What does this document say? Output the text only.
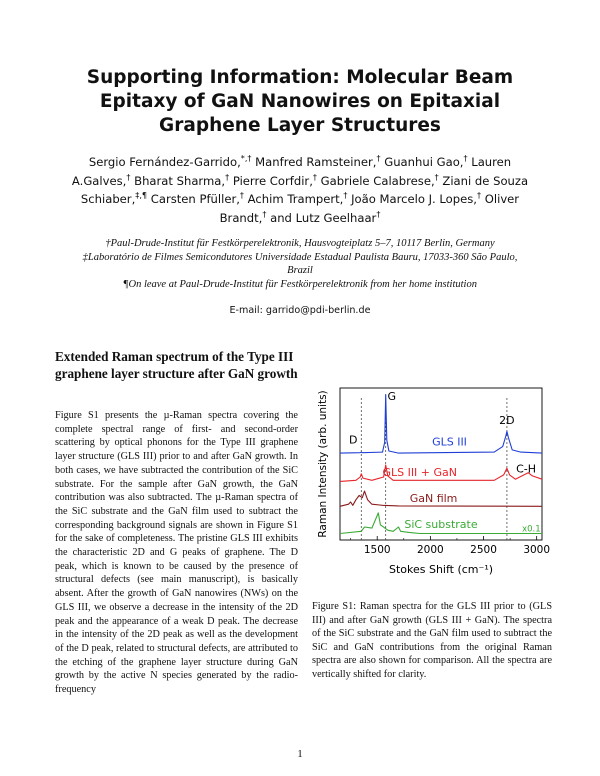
Supporting Information: Molecular Beam Epitaxy of GaN Nanowires on Epitaxial Graphene Layer Structures
Sergio Fernández-Garrido,*,† Manfred Ramsteiner,† Guanhui Gao,† Lauren A.Galves,† Bharat Sharma,† Pierre Corfdir,† Gabriele Calabrese,† Ziani de Souza Schiaber,‡,¶ Carsten Pfüller,† Achim Trampert,† João Marcelo J. Lopes,† Oliver Brandt,† and Lutz Geelhaar†
†Paul-Drude-Institut für Festkörperelektronik, Hausvogteiplatz 5–7, 10117 Berlin, Germany
‡Laboratório de Filmes Semicondutores Universidade Estadual Paulista Bauru, 17033-360 São Paulo, Brazil
¶On leave at Paul-Drude-Institut für Festkörperelektronik from her home institution
E-mail: garrido@pdi-berlin.de
Extended Raman spectrum of the Type III graphene layer structure after GaN growth

Figure S1 presents the µ-Raman spectra covering the complete spectral range of first- and second-order scattering by optical phonons for the Type III graphene layer structure (GLS III) prior to and after GaN growth. In both cases, we have subtracted the contribution of the SiC substrate. For the sample after GaN growth, the GaN contribution was also subtracted. The µ-Raman spectra of the SiC substrate and the GaN film used to subtract the corresponding background signals are shown in Figure S1 for the sake of completeness. The pristine GLS III exhibits the characteristic 2D and G peaks of graphene. The D peak, which is known to be caused by the presence of structural defects (see main manuscript), is basically absent. After the growth of GaN nanowires (NWs) on the GLS III, we observe a decrease in the intensity of the 2D peak and the appearance of a weak D peak. The decrease in the intensity of the 2D peak as well as the development of the D peak, related to structural defects, are attributed to the etching of the graphene layer structure during GaN growth by the active N species generated by the radio-frequency

1500	2000	2500	3000
Stokes Shift (cm⁻¹)
Raman Intensity (arb. units)	GLS III
GLS III + GaN
GaN film
SiC substrate
G
D
2D
C-H
x0.1
Figure S1: Raman spectra for the GLS III prior to (GLS III) and after GaN growth (GLS III + GaN). The spectra of the SiC substrate and the GaN film used to subtract the SiC and GaN contributions from the original Raman spectra are also shown for comparison. All the spectra are vertically shifted for clarity.
1
